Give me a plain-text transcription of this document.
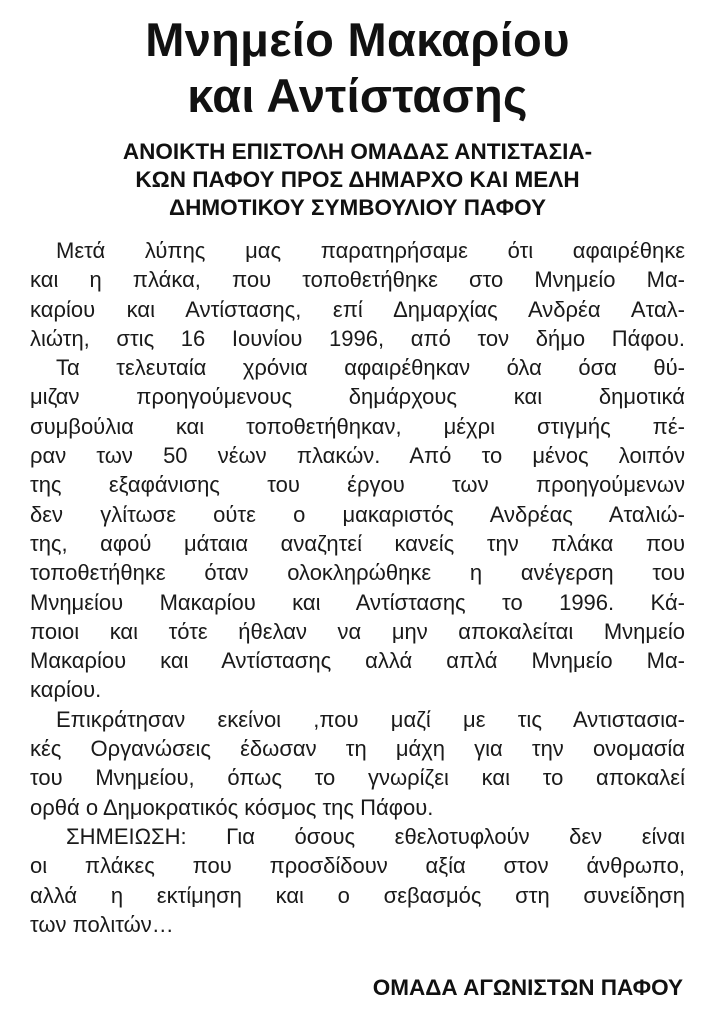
Μνημείο Μακαρίου
και Αντίστασης
ΑΝΟΙΚΤΗ ΕΠΙΣΤΟΛΗ ΟΜΑΔΑΣ ΑΝΤΙΣΤΑΣΙΑ-
ΚΩΝ ΠΑΦΟΥ ΠΡΟΣ ΔΗΜΑΡΧΟ ΚΑΙ ΜΕΛΗ
ΔΗΜΟΤΙΚΟΥ ΣΥΜΒΟΥΛΙΟΥ ΠΑΦΟΥ
Μετά λύπης μας παρατηρήσαμε ότι αφαιρέθηκε
και η πλάκα, που τοποθετήθηκε στο Μνημείο Μα-
καρίου και Αντίστασης, επί Δημαρχίας Ανδρέα Αταλ-
λιώτη, στις 16 Ιουνίου 1996, από τον δήμο Πάφου.
Τα τελευταία χρόνια αφαιρέθηκαν όλα όσα θύ-
μιζαν προηγούμενους δημάρχους και δημοτικά
συμβούλια και τοποθετήθηκαν, μέχρι στιγμής πέ-
ραν των 50 νέων πλακών. Από το μένος λοιπόν
της εξαφάνισης του έργου των προηγούμενων
δεν γλίτωσε ούτε ο μακαριστός Ανδρέας Αταλιώ-
της, αφού μάταια αναζητεί κανείς την πλάκα που
τοποθετήθηκε όταν ολοκληρώθηκε η ανέγερση του
Μνημείου Μακαρίου και Αντίστασης το 1996. Κά-
ποιοι και τότε ήθελαν να μην αποκαλείται Μνημείο
Μακαρίου και Αντίστασης αλλά απλά Μνημείο Μα-
καρίου.
Επικράτησαν εκείνοι ,που μαζί με τις Αντιστασια-
κές Οργανώσεις έδωσαν τη μάχη για την ονομασία
του Μνημείου, όπως το γνωρίζει και το αποκαλεί
ορθά ο Δημοκρατικός κόσμος της Πάφου.
ΣΗΜΕΙΩΣΗ: Για όσους εθελοτυφλούν δεν είναι
οι πλάκες που προσδίδουν αξία στον άνθρωπο,
αλλά η εκτίμηση και ο σεβασμός στη συνείδηση
των πολιτών…
ΟΜΑΔΑ ΑΓΩΝΙΣΤΩΝ ΠΑΦΟΥ
